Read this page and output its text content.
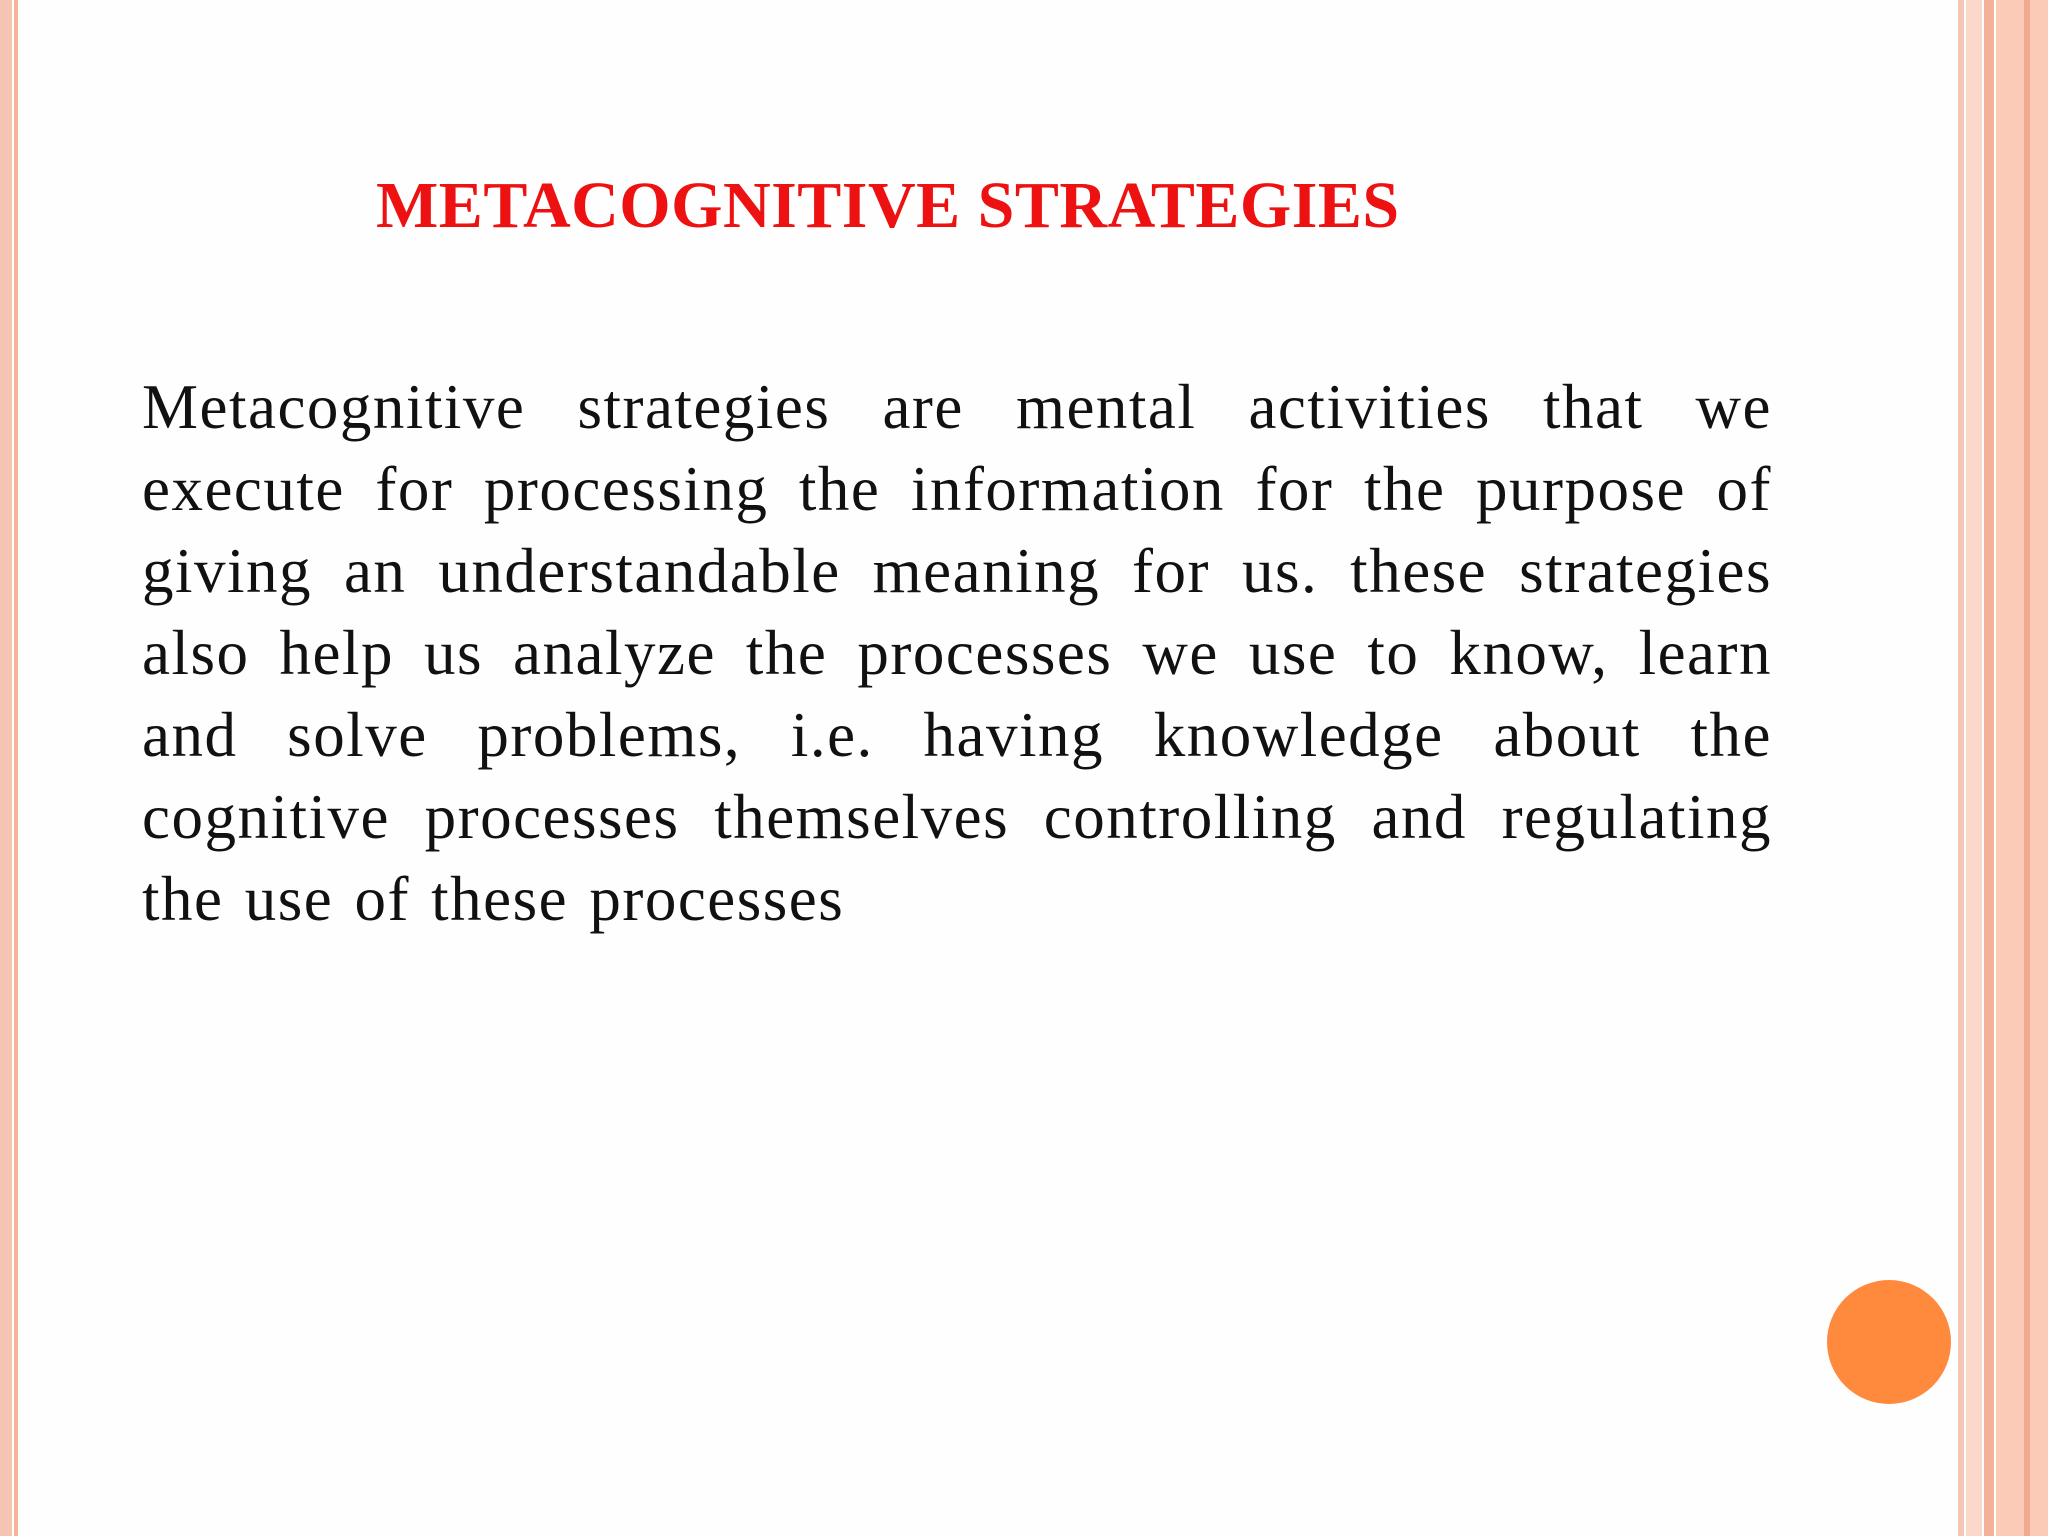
METACOGNITIVE STRATEGIES

Metacognitive strategies are mental activities that we execute for processing the information for the purpose of giving an understandable meaning for us. these strategies also help us analyze the processes we use to know, learn and solve problems, i.e. having knowledge about the cognitive processes themselves controlling and regulating the use of these processes
